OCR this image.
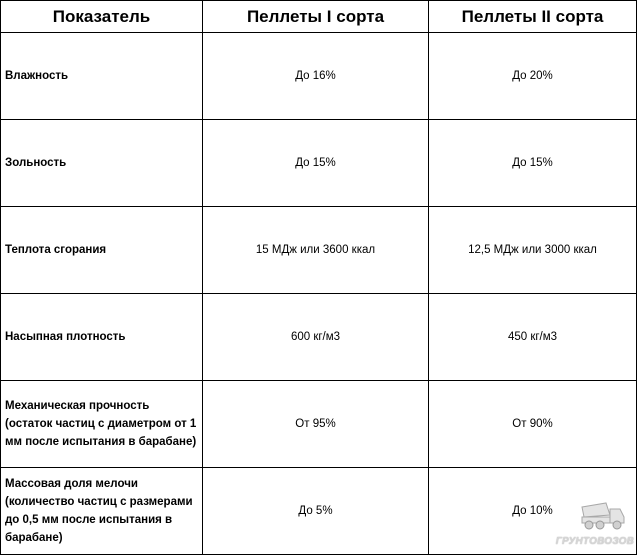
Показатель	Пеллеты I сорта	Пеллеты II сорта
Влажность	До 16%	До 20%
Зольность	До 15%	До 15%
Теплота сгорания	15 МДж или 3600 ккал	12,5 МДж или 3000 ккал
Насыпная плотность	600 кг/м3	450 кг/м3
Механическая прочность (остаток частиц с диаметром от 1 мм после испытания в барабане)	От 95%	От 90%
Массовая доля мелочи (количество частиц с размерами до 0,5 мм после испытания в барабане)	До 5%	До 10%
ГРУНТОВОЗОВ
